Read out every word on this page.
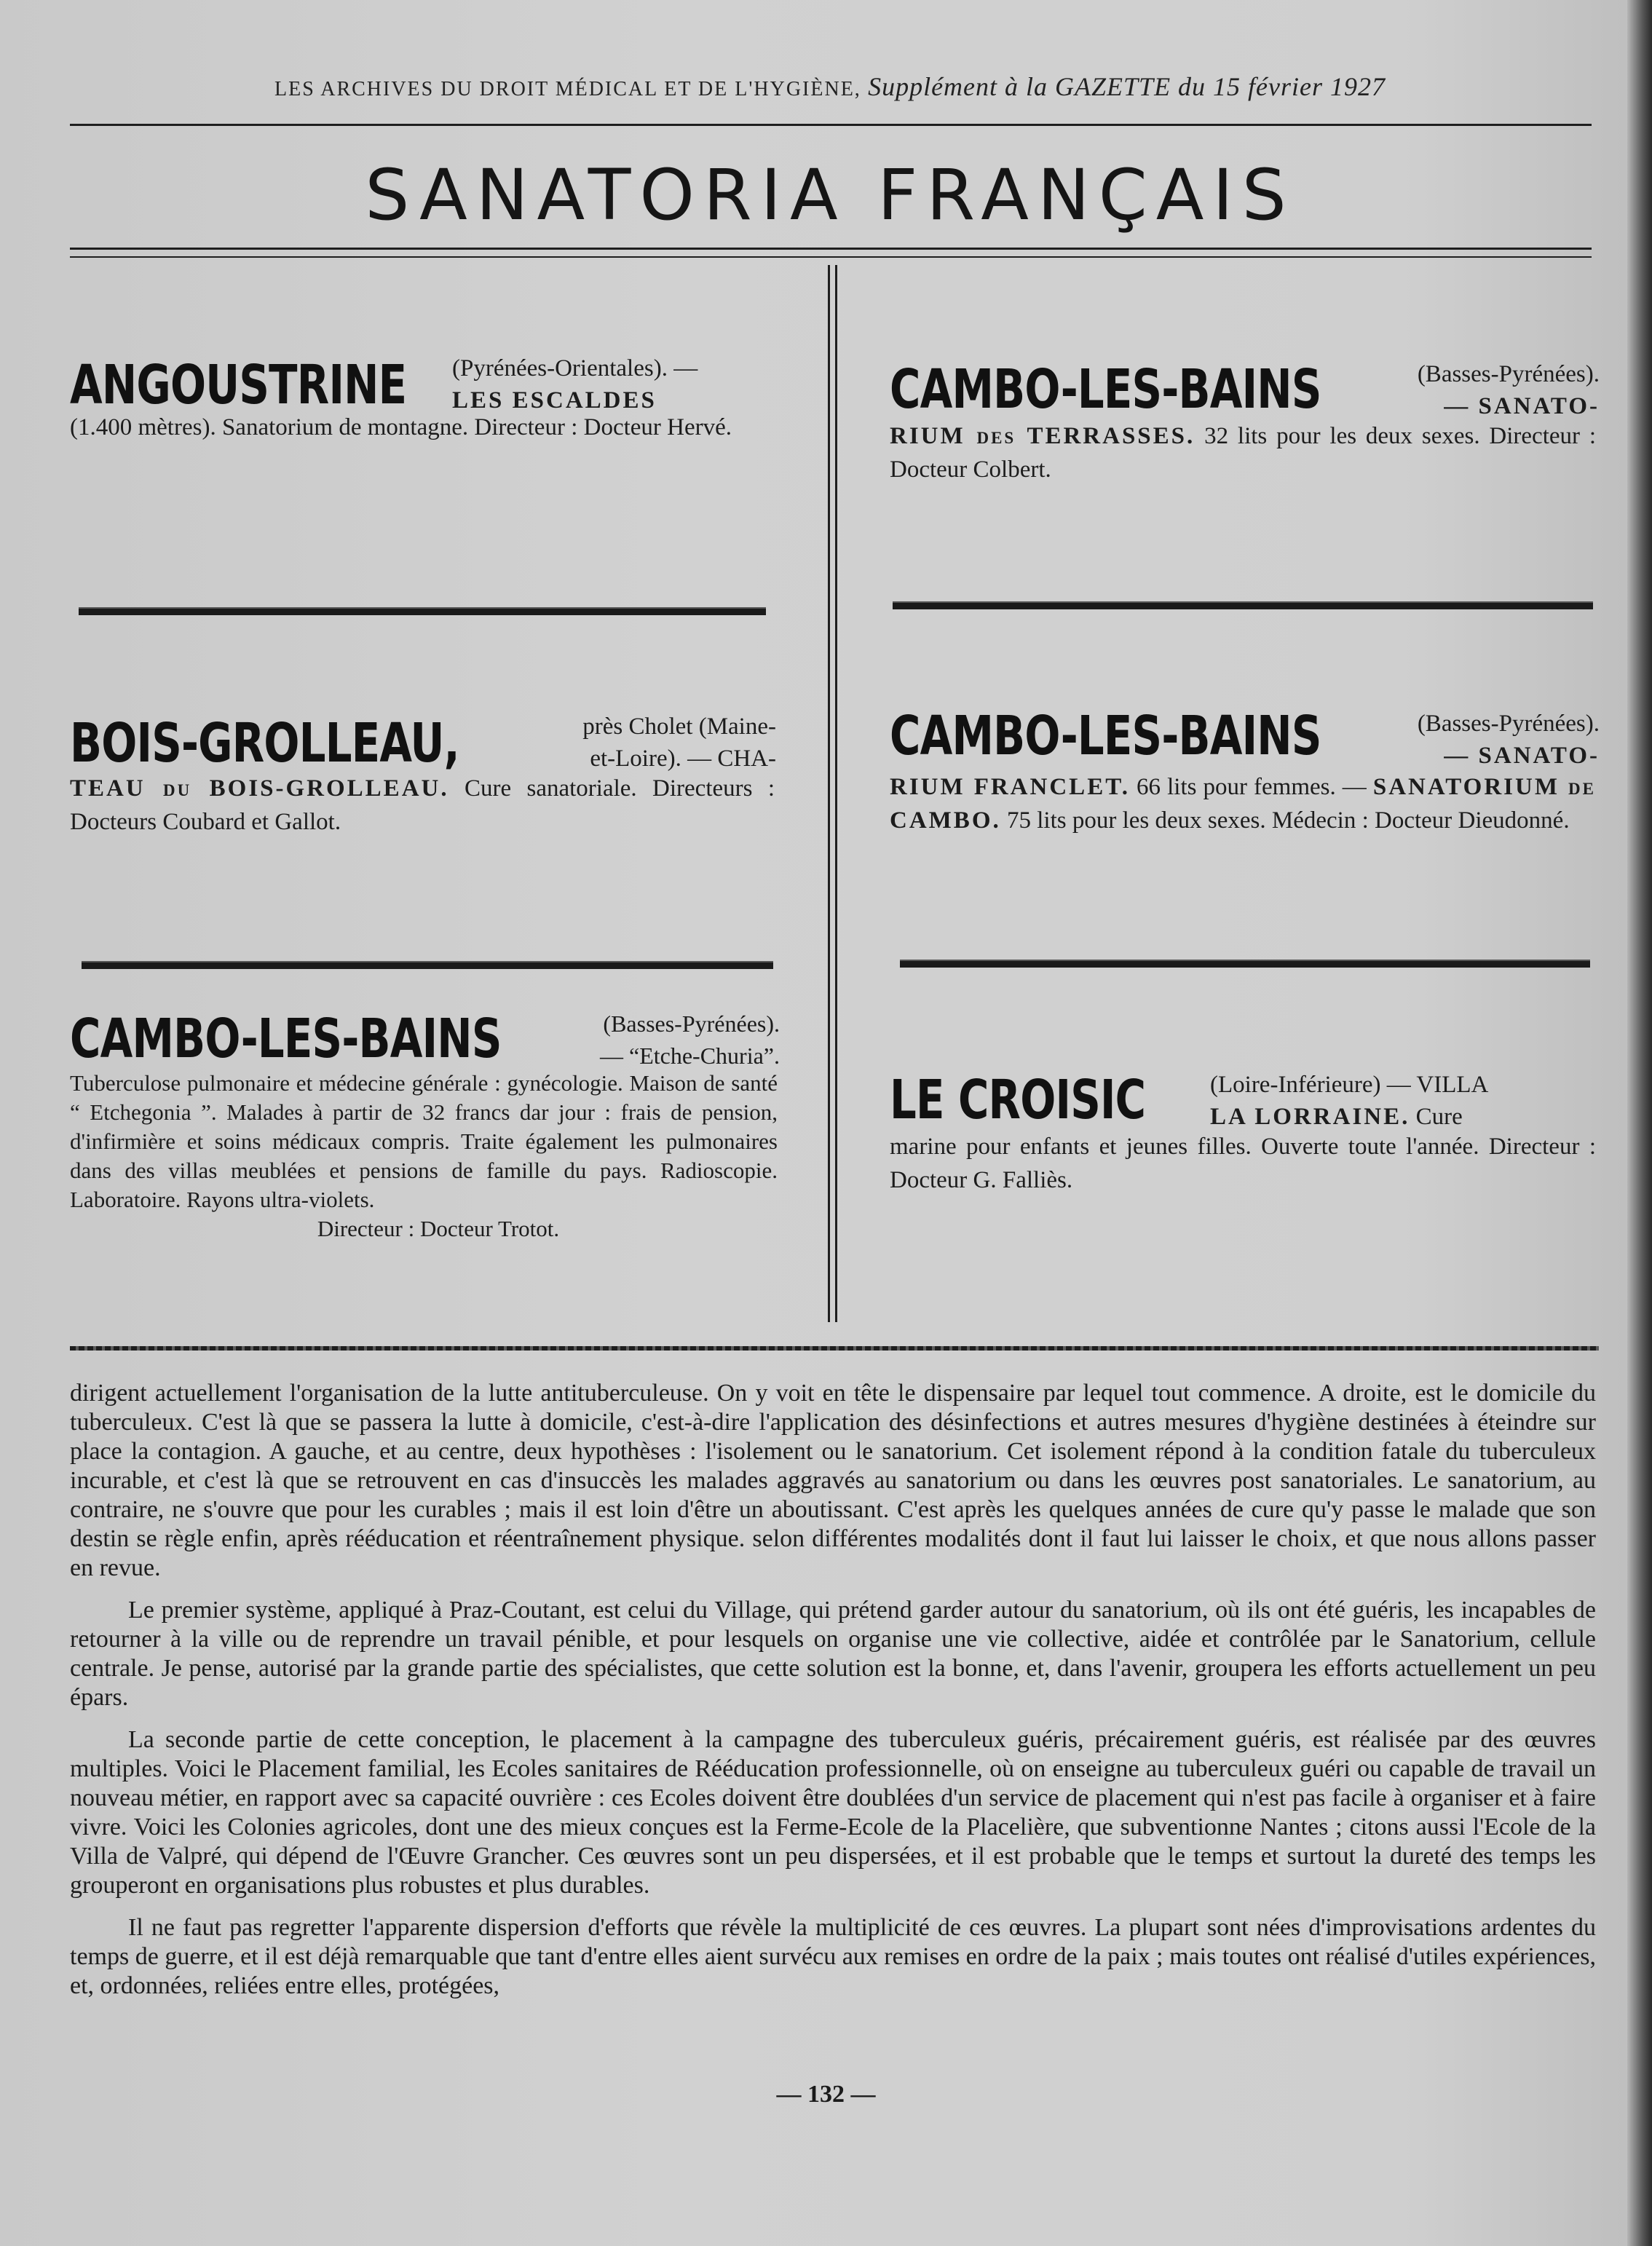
LES ARCHIVES DU DROIT MÉDICAL ET DE L'HYGIÈNE, Supplément à la GAZETTE du 15 février 1927
SANATORIA FRANÇAIS
ANGOUSTRINE (Pyrénées-Orientales). —
LES ESCALDES
(1.400 mètres). Sanatorium de montagne. Directeur : Docteur Hervé.
CAMBO-LES-BAINS	(Basses-Pyrénées).
— SANATO-
RIUM des TERRASSES. 32 lits pour les deux sexes. Directeur : Docteur Colbert.
BOIS-GROLLEAU,	près Cholet (Maine-
et-Loire). — CHA-
TEAU du BOIS-GROLLEAU. Cure sanatoriale. Directeurs : Docteurs Coubard et Gallot.
CAMBO-LES-BAINS	(Basses-Pyrénées).
— SANATO-
RIUM FRANCLET. 66 lits pour femmes. — SANATORIUM de CAMBO. 75 lits pour les deux sexes. Médecin : Docteur Dieudonné.
CAMBO-LES-BAINS	(Basses-Pyrénées).
— “Etche-Churia”.
Tuberculose pulmonaire et médecine générale : gynécologie. Maison de santé “ Etchegonia ”. Malades à partir de 32 francs dar jour : frais de pension, d'infirmière et soins médicaux compris. Traite également les pulmonaires dans des villas meublées et pensions de famille du pays. Radioscopie. Laboratoire. Rayons ultra-violets.
Directeur : Docteur Trotot.
LE CROISIC	(Loire-Inférieure) — VILLA
LA LORRAINE. Cure
marine pour enfants et jeunes filles. Ouverte toute l'année. Directeur : Docteur G. Falliès.

dirigent actuellement l'organisation de la lutte antituberculeuse. On y voit en tête le dispensaire par lequel tout commence. A droite, est le domicile du tuberculeux. C'est là que se passera la lutte à domicile, c'est-à-dire l'application des désinfections et autres mesures d'hygiène destinées à éteindre sur place la contagion. A gauche, et au centre, deux hypothèses : l'isolement ou le sanatorium. Cet isolement répond à la condition fatale du tuberculeux incurable, et c'est là que se retrouvent en cas d'insuccès les malades aggravés au sanatorium ou dans les œuvres post sanatoriales. Le sanatorium, au contraire, ne s'ouvre que pour les curables ; mais il est loin d'être un aboutissant. C'est après les quelques années de cure qu'y passe le malade que son destin se règle enfin, après rééducation et réentraînement physique. selon différentes modalités dont il faut lui laisser le choix, et que nous allons passer en revue.

Le premier système, appliqué à Praz-Coutant, est celui du Village, qui prétend garder autour du sanatorium, où ils ont été guéris, les incapables de retourner à la ville ou de reprendre un travail pénible, et pour lesquels on organise une vie collective, aidée et contrôlée par le Sanatorium, cellule centrale. Je pense, autorisé par la grande partie des spécialistes, que cette solution est la bonne, et, dans l'avenir, groupera les efforts actuellement un peu épars.

La seconde partie de cette conception, le placement à la campagne des tuberculeux guéris, précairement guéris, est réalisée par des œuvres multiples. Voici le Placement familial, les Ecoles sanitaires de Rééducation professionnelle, où on enseigne au tuberculeux guéri ou capable de travail un nouveau métier, en rapport avec sa capacité ouvrière : ces Ecoles doivent être doublées d'un service de placement qui n'est pas facile à organiser et à faire vivre. Voici les Colonies agricoles, dont une des mieux conçues est la Ferme-Ecole de la Placelière, que subventionne Nantes ; citons aussi l'Ecole de la Villa de Valpré, qui dépend de l'Œuvre Grancher. Ces œuvres sont un peu dispersées, et il est probable que le temps et surtout la dureté des temps les grouperont en organisations plus robustes et plus durables.

Il ne faut pas regretter l'apparente dispersion d'efforts que révèle la multiplicité de ces œuvres. La plupart sont nées d'improvisations ardentes du temps de guerre, et il est déjà remarquable que tant d'entre elles aient survécu aux remises en ordre de la paix ; mais toutes ont réalisé d'utiles expériences, et, ordonnées, reliées entre elles, protégées,

— 132 —
